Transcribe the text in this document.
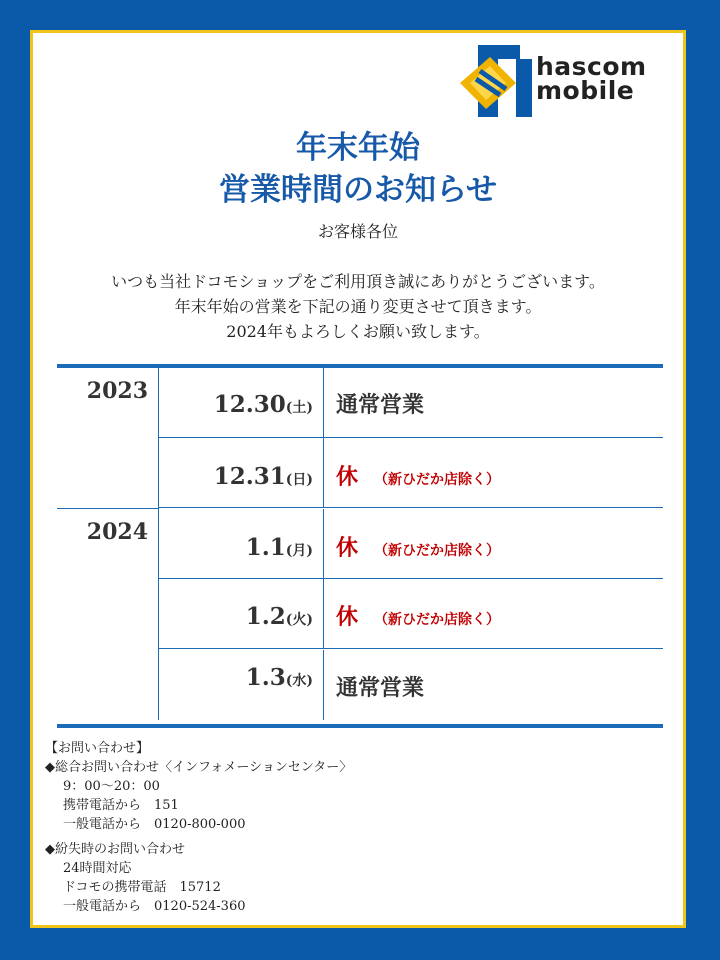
hascom
mobile
年末年始
営業時間のお知らせ
お客様各位
いつも当社ドコモショップをご利用頂き誠にありがとうございます。
年末年始の営業を下記の通り変更させて頂きます。
2024年もよろしくお願い致します。
2023
2024
12.30(土)	通常営業
12.31(日)	休 （新ひだか店除く）
1.1(月)	休 （新ひだか店除く）
1.2(火)	休 （新ひだか店除く）
1.3(水)	通常営業
【お問い合わせ】
◆総合お問い合わせ〈インフォメーションセンター〉
9：00～20：00
携帯電話から　151
一般電話から　0120-800-000
◆紛失時のお問い合わせ
24時間対応
ドコモの携帯電話　15712
一般電話から　0120-524-360
